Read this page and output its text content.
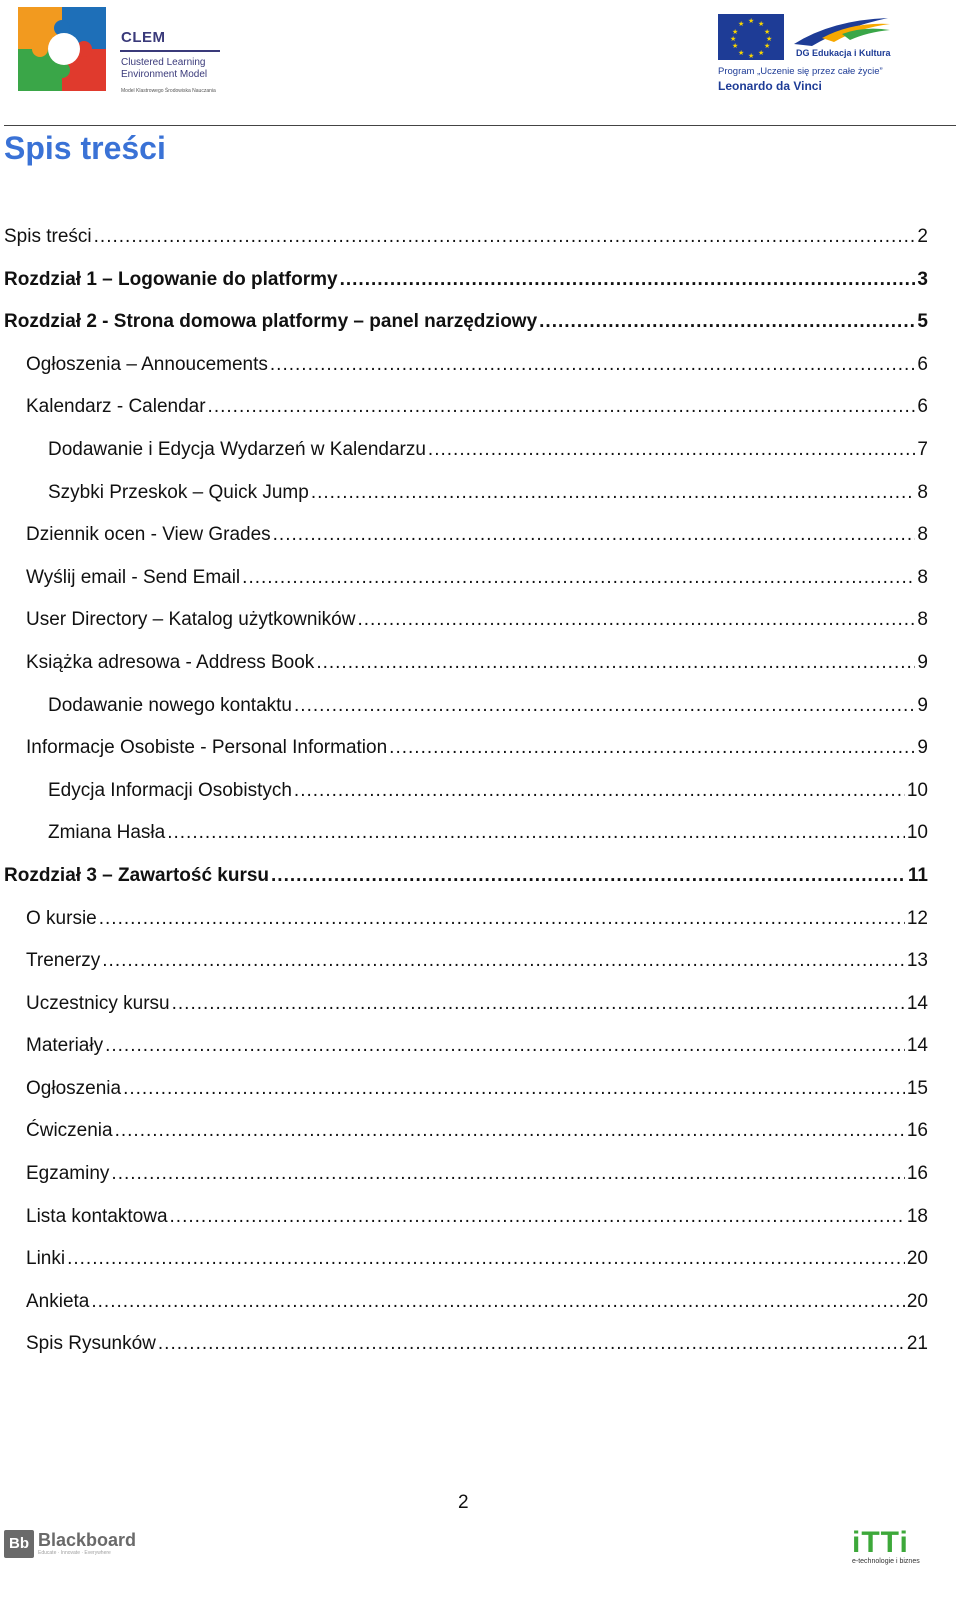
CLEM
Clustered Learning
Environment Model
Model Klastrowego Środowiska Nauczania
★ ★
★
★
★
★
★
★
★
★
★
★
DG Edukacja i Kultura
Program „Uczenie się przez całe życie”
Leonardo da Vinci
Spis treści
Spis treści .....	2
Rozdział 1 – Logowanie do platformy .....	3
Rozdział 2 - Strona domowa platformy – panel narzędziowy .....	5
Ogłoszenia – Annoucements .....	6
Kalendarz - Calendar .....	6
Dodawanie i Edycja Wydarzeń w Kalendarzu .....	7
Szybki Przeskok – Quick Jump .....	8
Dziennik ocen - View Grades .....	8
Wyślij email - Send Email .....	8
User Directory – Katalog użytkowników .....	8
Książka adresowa - Address Book .....	9
Dodawanie nowego kontaktu .....	9
Informacje Osobiste - Personal Information .....	9
Edycja Informacji Osobistych .....	10
Zmiana Hasła .....	10
Rozdział 3 – Zawartość kursu .....	11
O kursie .....	12
Trenerzy .....	13
Uczestnicy kursu .....	14
Materiały .....	14
Ogłoszenia .....	15
Ćwiczenia .....	16
Egzaminy .....	16
Lista kontaktowa .....	18
Linki .....	20
Ankieta .....	20
Spis Rysunków .....	21
2
Bb Blackboard
Educate · Innovate · Everywhere	iTTi
e-technologie i biznes
